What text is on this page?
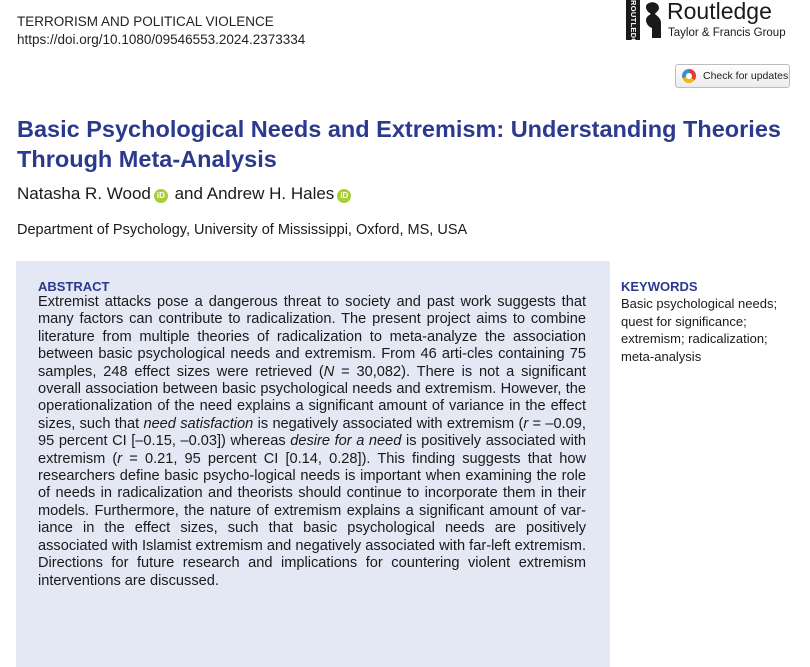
TERRORISM AND POLITICAL VIOLENCE
https://doi.org/10.1080/09546553.2024.2373334	ROUTLEDGE Routledge
Taylor & Francis Group
Check for updates
Basic Psychological Needs and Extremism: Understanding Theories Through Meta-Analysis
Natasha R. Wood iD and Andrew H. Hales iD
Department of Psychology, University of Mississippi, Oxford, MS, USA
ABSTRACT

Extremist attacks pose a dangerous threat to society and past work suggests that many factors can contribute to radicalization. The present project aims to combine literature from multiple theories of radicalization to meta-analyze the association between basic psychological needs and extremism. From 46 arti-cles containing 75 samples, 248 effect sizes were retrieved (N = 30,082). There is not a significant overall association between basic psychological needs and extremism. However, the operationalization of the need explains a significant amount of variance in the effect sizes, such that need satisfaction is negatively associated with extremism (r = –0.09, 95 percent CI [–0.15, –0.03]) whereas desire for a need is positively associated with extremism (r = 0.21, 95 percent CI [0.14, 0.28]). This finding suggests that how researchers define basic psycho-logical needs is important when examining the role of needs in radicalization and theorists should continue to incorporate them in their models. Furthermore, the nature of extremism explains a significant amount of var-iance in the effect sizes, such that basic psychological needs are positively associated with Islamist extremism and negatively associated with far-left extremism. Directions for future research and implications for countering violent extremism interventions are discussed.

KEYWORDS

Basic psychological needs; quest for significance; extremism; radicalization; meta-analysis
